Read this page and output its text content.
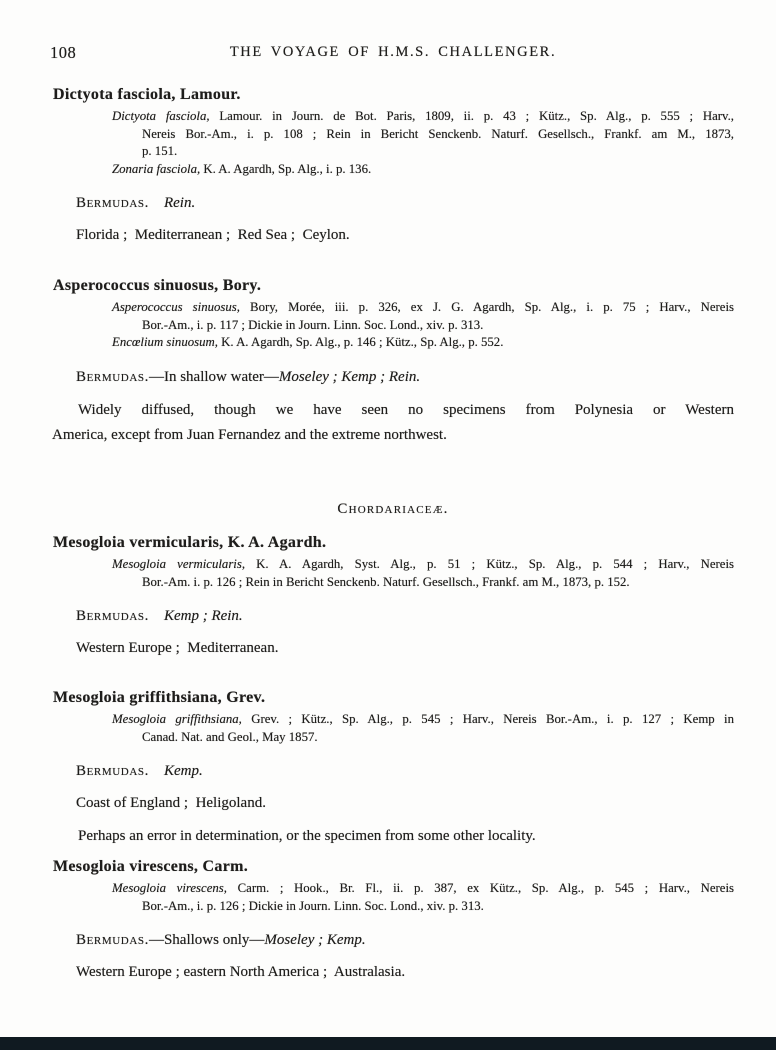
108	THE VOYAGE OF H.M.S. CHALLENGER.
Dictyota fasciola, Lamour.
Dictyota fasciola, Lamour. in Journ. de Bot. Paris, 1809, ii. p. 43 ; Kütz., Sp. Alg., p. 555 ; Harv.,
Nereis Bor.-Am., i. p. 108 ; Rein in Bericht Senckenb. Naturf. Gesellsch., Frankf. am M., 1873,
p. 151.
Zonaria fasciola, K. A. Agardh, Sp. Alg., i. p. 136.
Bermudas.  Rein.
Florida ;  Mediterranean ;  Red Sea ;  Ceylon.
Asperococcus sinuosus, Bory.
Asperococcus sinuosus, Bory, Morée, iii. p. 326, ex J. G. Agardh, Sp. Alg., i. p. 75 ; Harv., Nereis
Bor.-Am., i. p. 117 ; Dickie in Journ. Linn. Soc. Lond., xiv. p. 313.
Encœlium sinuosum, K. A. Agardh, Sp. Alg., p. 146 ; Kütz., Sp. Alg., p. 552.
Bermudas.—In shallow water—Moseley ; Kemp ; Rein.
Widely diffused, though we have seen no specimens from Polynesia or Western
America, except from Juan Fernandez and the extreme northwest.
Chordariaceæ.
Mesogloia vermicularis, K. A. Agardh.
Mesogloia vermicularis, K. A. Agardh, Syst. Alg., p. 51 ; Kütz., Sp. Alg., p. 544 ; Harv., Nereis
Bor.-Am. i. p. 126 ; Rein in Bericht Senckenb. Naturf. Gesellsch., Frankf. am M., 1873, p. 152.
Bermudas.  Kemp ; Rein.
Western Europe ;  Mediterranean.
Mesogloia griffithsiana, Grev.
Mesogloia griffithsiana, Grev. ; Kütz., Sp. Alg., p. 545 ; Harv., Nereis Bor.-Am., i. p. 127 ; Kemp in
Canad. Nat. and Geol., May 1857.
Bermudas.  Kemp.
Coast of England ;  Heligoland.
Perhaps an error in determination, or the specimen from some other locality.
Mesogloia virescens, Carm.
Mesogloia virescens, Carm. ; Hook., Br. Fl., ii. p. 387, ex Kütz., Sp. Alg., p. 545 ; Harv., Nereis
Bor.-Am., i. p. 126 ; Dickie in Journ. Linn. Soc. Lond., xiv. p. 313.
Bermudas.—Shallows only—Moseley ; Kemp.
Western Europe ; eastern North America ;  Australasia.
